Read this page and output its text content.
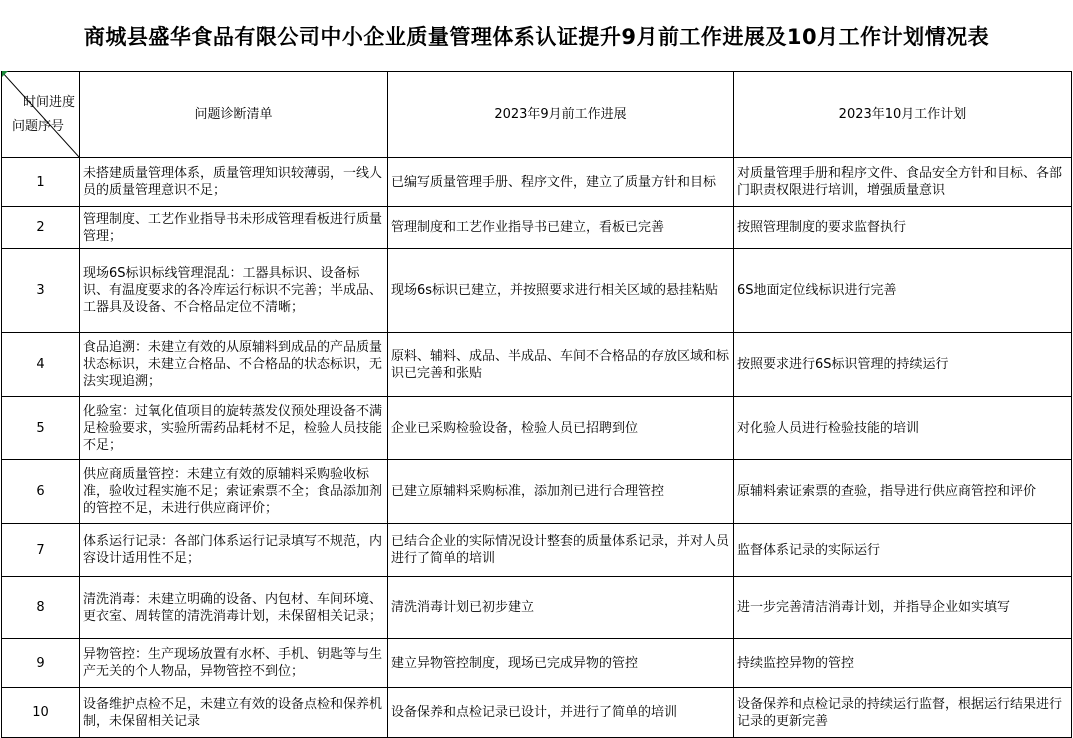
商城县盛华食品有限公司中小企业质量管理体系认证提升9月前工作进展及10月工作计划情况表
时间进度
问题序号	问题诊断清单	2023年9月前工作进展	2023年10月工作计划
1	未搭建质量管理体系，质量管理知识较薄弱，一线人员的质量管理意识不足；	已编写质量管理手册、程序文件，建立了质量方针和目标	对质量管理手册和程序文件、食品安全方针和目标、各部门职责权限进行培训，增强质量意识
2	管理制度、工艺作业指导书未形成管理看板进行质量管理；	管理制度和工艺作业指导书已建立，看板已完善	按照管理制度的要求监督执行
3	现场6S标识标线管理混乱：工器具标识、设备标识、有温度要求的各冷库运行标识不完善；半成品、工器具及设备、不合格品定位不清晰；	现场6s标识已建立，并按照要求进行相关区域的悬挂粘贴	6S地面定位线标识进行完善
4	食品追溯：未建立有效的从原辅料到成品的产品质量状态标识，未建立合格品、不合格品的状态标识，无法实现追溯；	原料、辅料、成品、半成品、车间不合格品的存放区域和标识已完善和张贴	按照要求进行6S标识管理的持续运行
5	化验室：过氧化值项目的旋转蒸发仪预处理设备不满足检验要求，实验所需药品耗材不足，检验人员技能不足；	企业已采购检验设备，检验人员已招聘到位	对化验人员进行检验技能的培训
6	供应商质量管控：未建立有效的原辅料采购验收标准，验收过程实施不足；索证索票不全；食品添加剂的管控不足，未进行供应商评价；	已建立原辅料采购标准，添加剂已进行合理管控	原辅料索证索票的查验，指导进行供应商管控和评价
7	体系运行记录：各部门体系运行记录填写不规范，内容设计适用性不足；	已结合企业的实际情况设计整套的质量体系记录，并对人员进行了简单的培训	监督体系记录的实际运行
8	清洗消毒：未建立明确的设备、内包材、车间环境、更衣室、周转筐的清洗消毒计划，未保留相关记录；	清洗消毒计划已初步建立	进一步完善清洁消毒计划，并指导企业如实填写
9	异物管控：生产现场放置有水杯、手机、钥匙等与生产无关的个人物品，异物管控不到位；	建立异物管控制度，现场已完成异物的管控	持续监控异物的管控
10	设备维护点检不足，未建立有效的设备点检和保养机制，未保留相关记录	设备保养和点检记录已设计，并进行了简单的培训	设备保养和点检记录的持续运行监督，根据运行结果进行记录的更新完善
